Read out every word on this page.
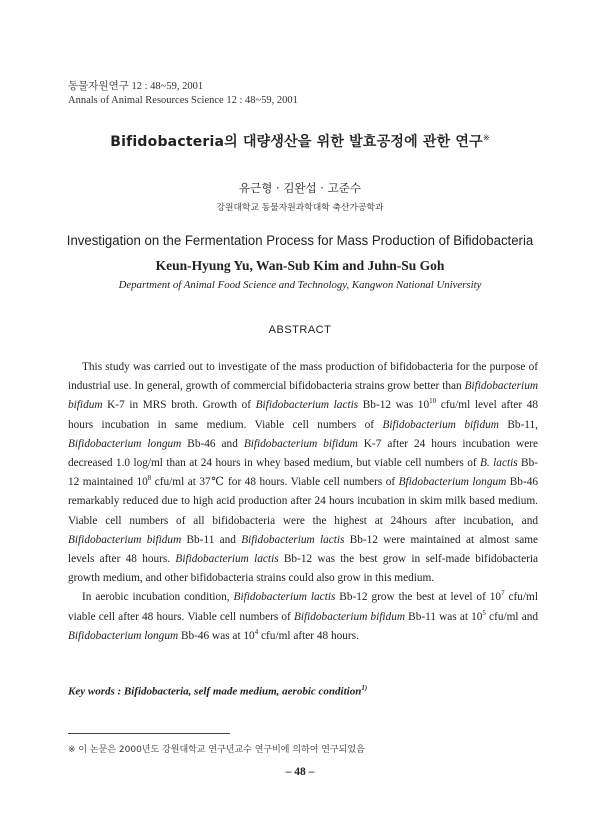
동물자원연구 12 : 48~59, 2001
Annals of Animal Resources Science 12 : 48~59, 2001
Bifidobacteria의 대량생산을 위한 발효공정에 관한 연구※
유근형 · 김완섭 · 고준수
강원대학교 동물자원과학대학 축산가공학과
Investigation on the Fermentation Process for Mass Production of Bifidobacteria
Keun-Hyung Yu, Wan-Sub Kim and Juhn-Su Goh
Department of Animal Food Science and Technology, Kangwon National University
ABSTRACT

This study was carried out to investigate of the mass production of bifidobacteria for the purpose of industrial use. In general, growth of commercial bifidobacteria strains grow better than Bifidobacterium bifidum K-7 in MRS broth. Growth of Bifidobacterium lactis Bb-12 was $10^{10}$ cfu/ml level after 48 hours incubation in same medium. Viable cell numbers of Bifidobacterium bifidum Bb-11, Bifidobacterium longum Bb-46 and Bifidobacterium bifidum K-7 after 24 hours incubation were decreased 1.0 log/ml than at 24 hours in whey based medium, but viable cell numbers of B. lactis Bb-12 maintained $10^8$ cfu/ml at 37℃ for 48 hours. Viable cell numbers of Bfidobacterium longum Bb-46 remarkably reduced due to high acid production after 24 hours incubation in skim milk based medium. Viable cell numbers of all bifidobacteria were the highest at 24hours after incubation, and Bifidobacterium bifidum Bb-11 and Bifidobacterium lactis Bb-12 were maintained at almost same levels after 48 hours. Bifidobacterium lactis Bb-12 was the best grow in self-made bifidobacteria growth medium, and other bifidobacteria strains could also grow in this medium.

In aerobic incubation condition, Bifidobacterium lactis Bb-12 grow the best at level of $10^7$ cfu/ml viable cell after 48 hours. Viable cell numbers of Bifidobacterium bifidum Bb-11 was at $10^5$ cfu/ml and Bifidobacterium longum Bb-46 was at $10^4$ cfu/ml after 48 hours.

Key words : Bifidobacteria, self made medium, aerobic condition$^{1)}$
※ 이 논문은 2000년도 강원대학교 연구년교수 연구비에 의하여 연구되었음
– 48 –
